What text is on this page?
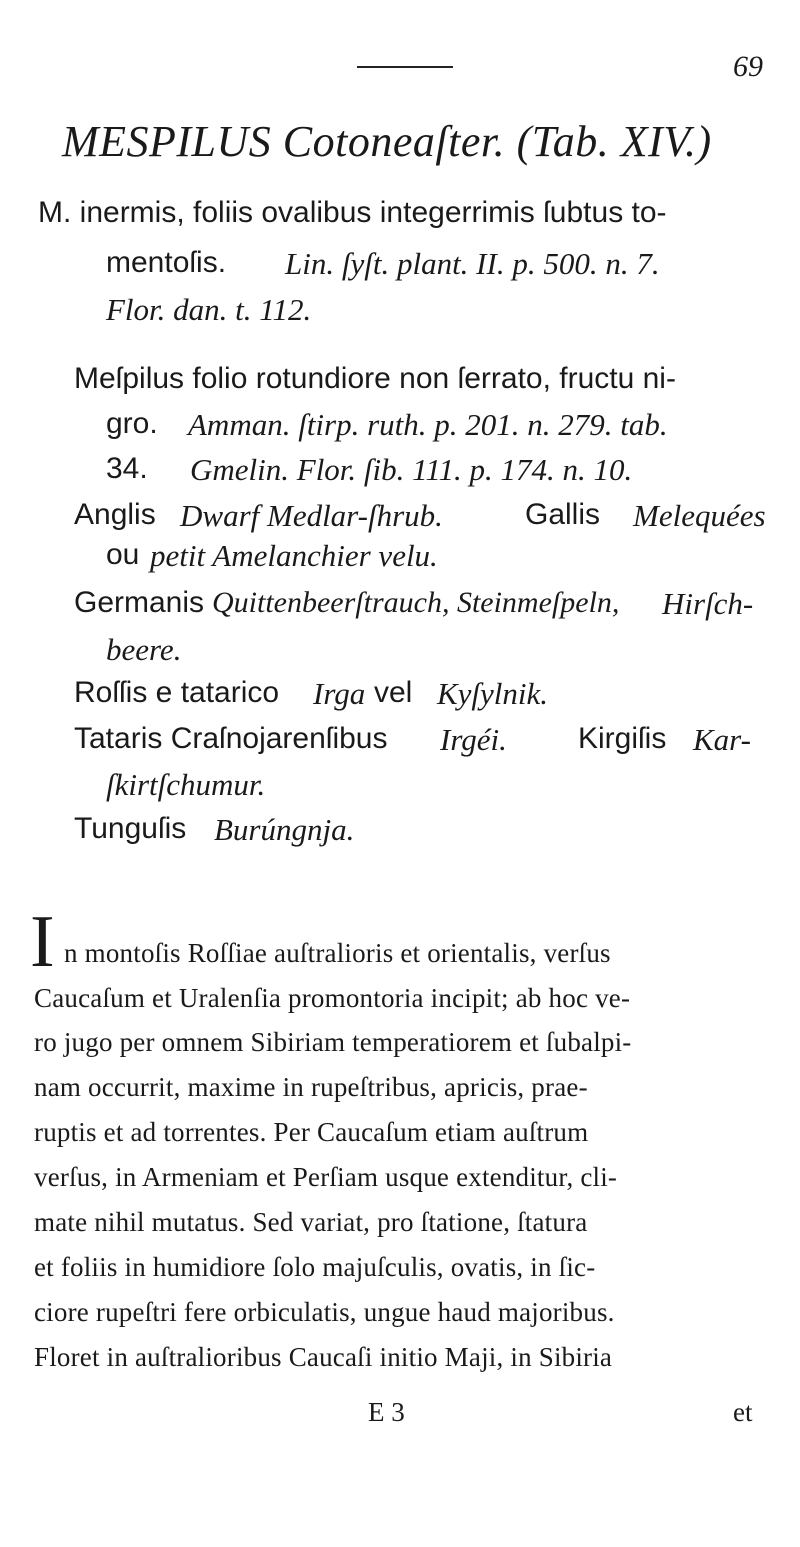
69
MESPILUS Cotoneaſter. (Tab. XIV.)
M. inermis, foliis ovalibus integerrimis ſubtus to-
mentoſis. Lin. ſyſt. plant. II. p. 500. n. 7.
Flor. dan. t. 112.
Meſpilus folio rotundiore non ſerrato, fructu ni-
gro. Amman. ſtirp. ruth. p. 201. n. 279. tab.
34. Gmelin. Flor. ſib. 111. p. 174. n. 10.
Anglis Dwarf Medlar-ſhrub.	Gallis Melequées
ou petit Amelanchier velu.
Germanis Quittenbeerſtrauch, Steinmeſpeln, Hirſch-
beere.
Roſſis e tatarico Irga vel Kyſylnik.
Tataris Craſnojarenſibus Irgéi. Kirgiſis Kar-
ſkirtſchumur.
Tunguſis Burúngnja.
I n montoſis Roſſiae auſtralioris et orientalis, verſus
Caucaſum et Uralenſia promontoria incipit; ab hoc ve-
ro jugo per omnem Sibiriam temperatiorem et ſubalpi-
nam occurrit, maxime in rupeſtribus, apricis, prae-
ruptis et ad torrentes. Per Caucaſum etiam auſtrum
verſus, in Armeniam et Perſiam usque extenditur, cli-
mate nihil mutatus. Sed variat, pro ſtatione, ſtatura
et foliis in humidiore ſolo majuſculis, ovatis, in ſic-
ciore rupeſtri fere orbiculatis, ungue haud majoribus.
Floret in auſtralioribus Caucaſi initio Maji, in Sibiria
E 3	et
